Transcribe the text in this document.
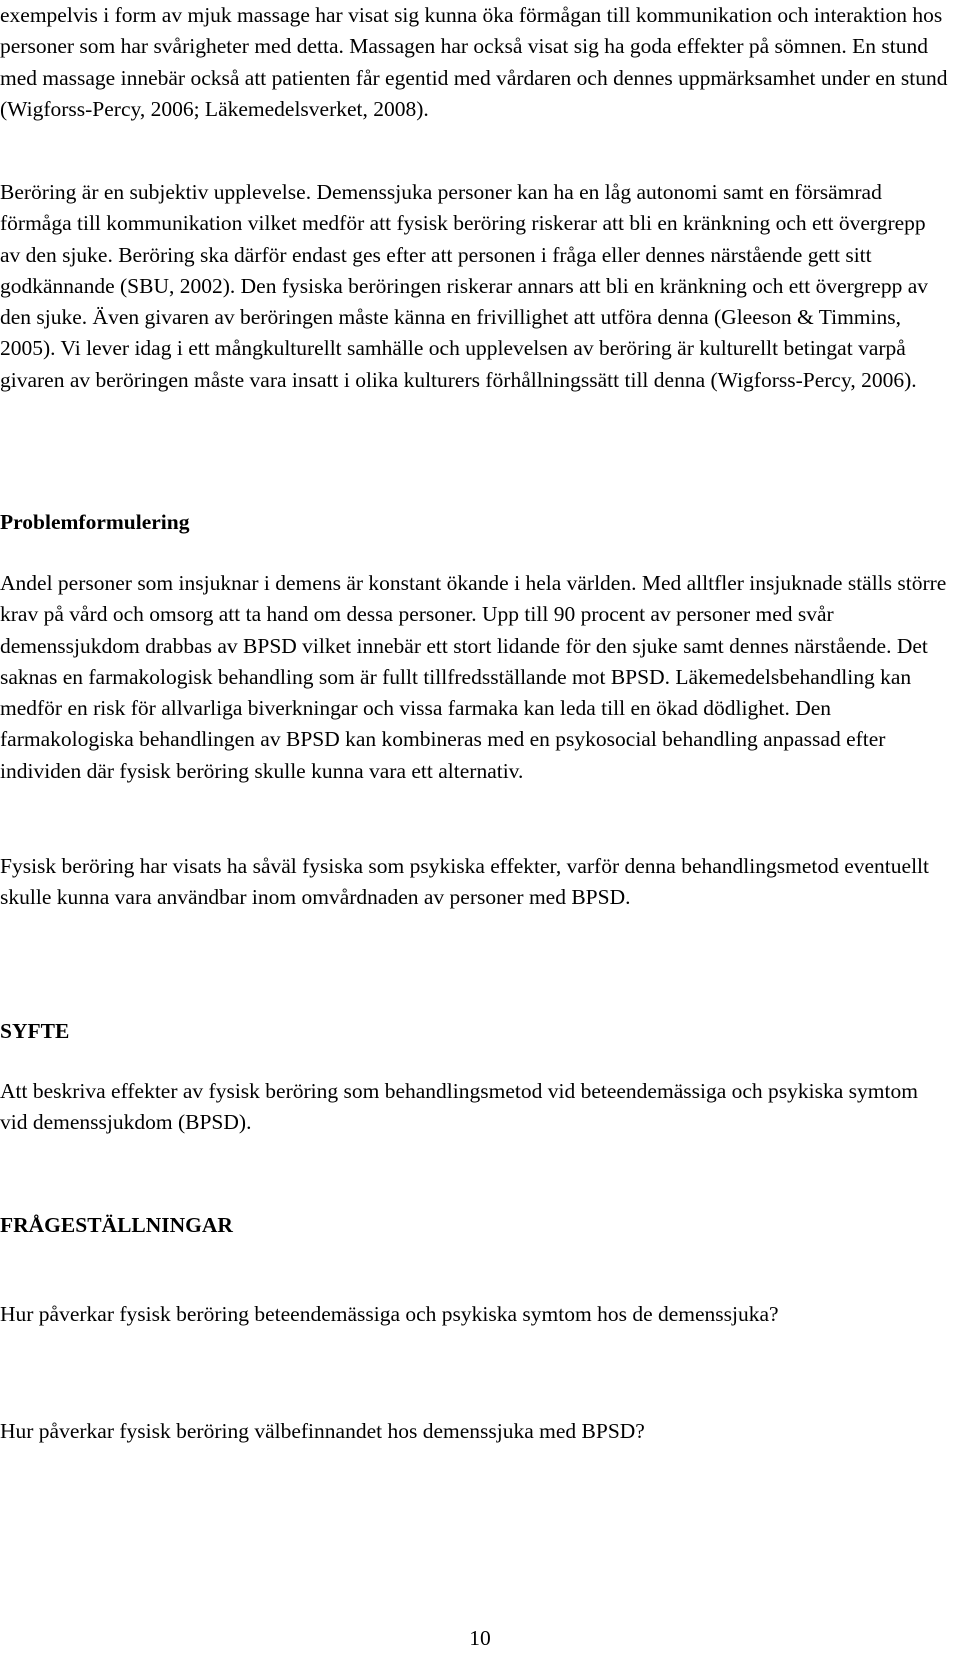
exempelvis i form av mjuk massage har visat sig kunna öka förmågan till kommunikation och interaktion hos personer som har svårigheter med detta. Massagen har också visat sig ha goda effekter på sömnen. En stund med massage innebär också att patienten får egentid med vårdaren och dennes uppmärksamhet under en stund (Wigforss-Percy, 2006; Läkemedelsverket, 2008).

Beröring är en subjektiv upplevelse. Demenssjuka personer kan ha en låg autonomi samt en försämrad förmåga till kommunikation vilket medför att fysisk beröring riskerar att bli en kränkning och ett övergrepp av den sjuke. Beröring ska därför endast ges efter att personen i fråga eller dennes närstående gett sitt godkännande (SBU, 2002). Den fysiska beröringen riskerar annars att bli en kränkning och ett övergrepp av den sjuke. Även givaren av beröringen måste känna en frivillighet att utföra denna (Gleeson & Timmins, 2005). Vi lever idag i ett mångkulturellt samhälle och upplevelsen av beröring är kulturellt betingat varpå givaren av beröringen måste vara insatt i olika kulturers förhållningssätt till denna (Wigforss-Percy, 2006).

Problemformulering

Andel personer som insjuknar i demens är konstant ökande i hela världen. Med alltfler insjuknade ställs större krav på vård och omsorg att ta hand om dessa personer. Upp till 90 procent av personer med svår demenssjukdom drabbas av BPSD vilket innebär ett stort lidande för den sjuke samt dennes närstående. Det saknas en farmakologisk behandling som är fullt tillfredsställande mot BPSD. Läkemedelsbehandling kan medför en risk för allvarliga biverkningar och vissa farmaka kan leda till en ökad dödlighet. Den farmakologiska behandlingen av BPSD kan kombineras med en psykosocial behandling anpassad efter individen där fysisk beröring skulle kunna vara ett alternativ.

Fysisk beröring har visats ha såväl fysiska som psykiska effekter, varför denna behandlingsmetod eventuellt skulle kunna vara användbar inom omvårdnaden av personer med BPSD.

SYFTE

Att beskriva effekter av fysisk beröring som behandlingsmetod vid beteendemässiga och psykiska symtom vid demenssjukdom (BPSD).

FRÅGESTÄLLNINGAR

Hur påverkar fysisk beröring beteendemässiga och psykiska symtom hos de demenssjuka?

Hur påverkar fysisk beröring välbefinnandet hos demenssjuka med BPSD?

10
